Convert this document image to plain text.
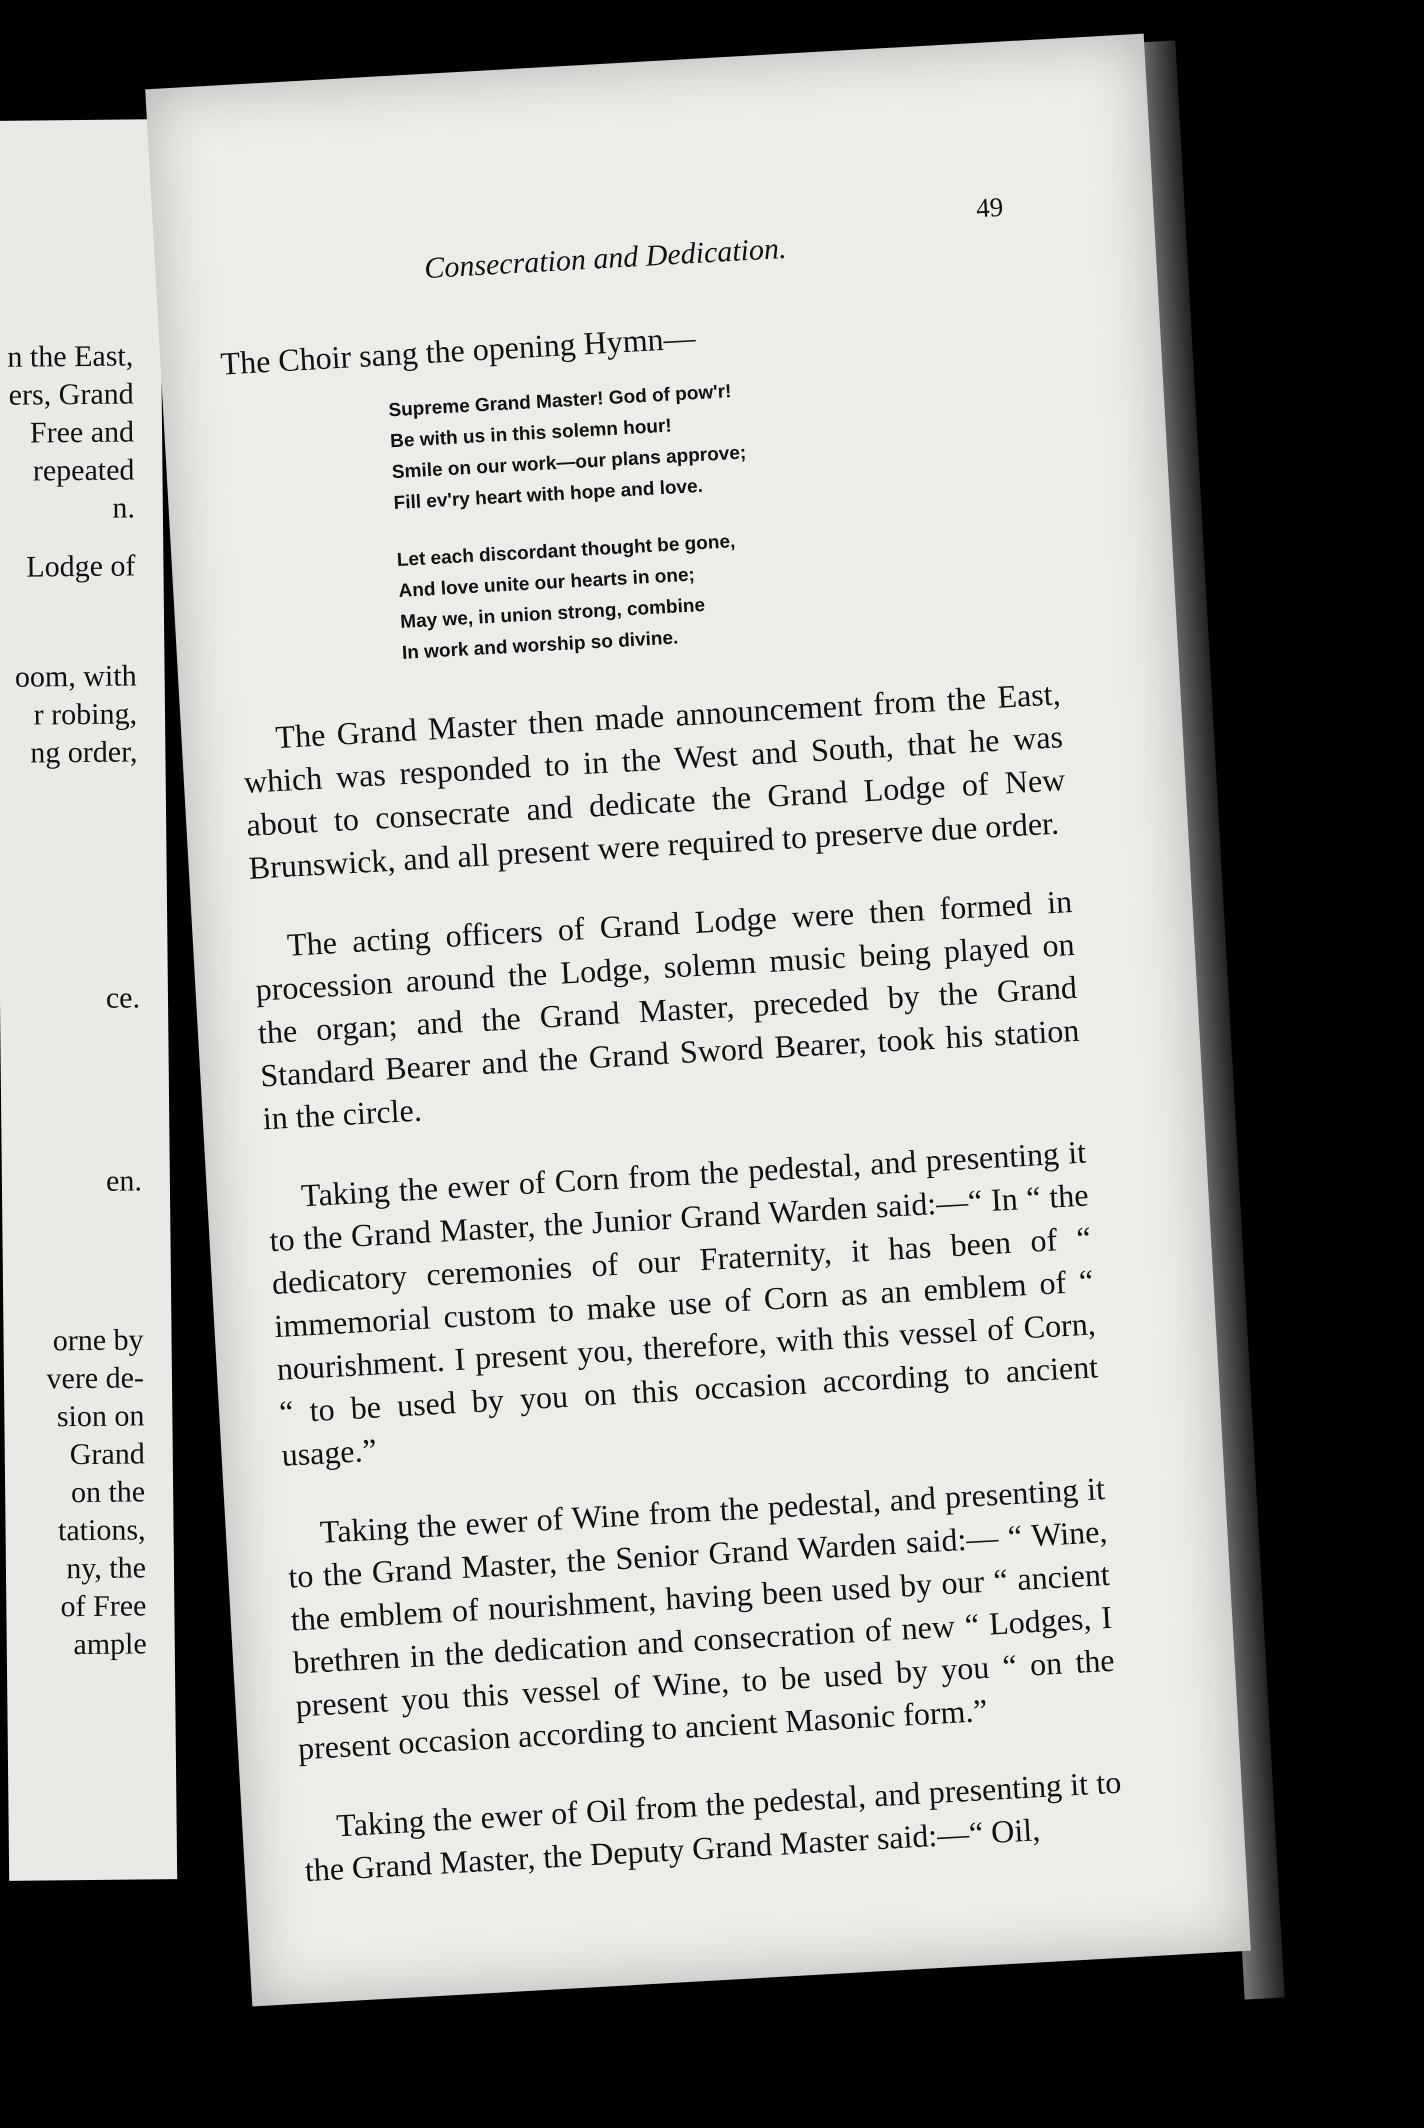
n the East,
ers, Grand
Free and
repeated
n.
Lodge of
oom, with
r robing,
ng order,
ce.
en.
orne by
vere de-
sion on
Grand
on the
tations,
ny, the
of Free
ample
49
Consecration and Dedication.
The Choir sang the opening Hymn—
Supreme Grand Master! God of pow'r!
Be with us in this solemn hour!
Smile on our work—our plans approve;
Fill ev'ry heart with hope and love.
Let each discordant thought be gone,
And love unite our hearts in one;
May we, in union strong, combine
In work and worship so divine.

The Grand Master then made announcement from the East, which was responded to in the West and South, that he was about to consecrate and dedicate the Grand Lodge of New Brunswick, and all present were required to preserve due order.

The acting officers of Grand Lodge were then formed in procession around the Lodge, solemn music being played on the organ; and the Grand Master, preceded by the Grand Standard Bearer and the Grand Sword Bearer, took his station in the circle.

Taking the ewer of Corn from the pedestal, and presenting it to the Grand Master, the Junior Grand Warden said:—“ In “ the dedicatory ceremonies of our Fraternity, it has been of “ immemorial custom to make use of Corn as an emblem of “ nourishment. I present you, therefore, with this vessel of Corn, “ to be used by you on this occasion according to ancient usage.”

Taking the ewer of Wine from the pedestal, and presenting it to the Grand Master, the Senior Grand Warden said:— “ Wine, the emblem of nourishment, having been used by our “ ancient brethren in the dedication and consecration of new “ Lodges, I present you this vessel of Wine, to be used by you “ on the present occasion according to ancient Masonic form.”

Taking the ewer of Oil from the pedestal, and presenting it to the Grand Master, the Deputy Grand Master said:—“ Oil,
